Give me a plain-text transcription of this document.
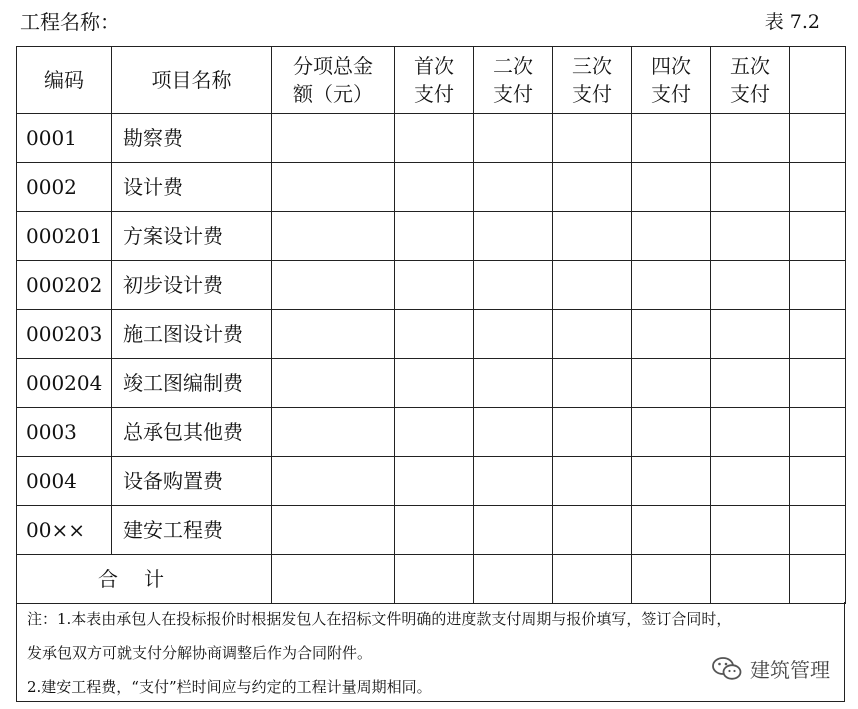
工程名称：	表 7.2
编码	项目名称	分项总金额（元）	首次支付	二次支付	三次支付	四次支付	五次支付	
0001	勘察费							
0002	设计费							
000201	方案设计费							
000202	初步设计费							
000203	施工图设计费							
000204	竣工图编制费							
0003	总承包其他费							
0004	设备购置费							
00××	建安工程费							
合计								

注：1.本表由承包人在投标报价时根据发包人在招标文件明确的进度款支付周期与报价填写，签订合同时，

发承包双方可就支付分解协商调整后作为合同附件。

2.建安工程费，“支付”栏时间应与约定的工程计量周期相同。

建筑管理
